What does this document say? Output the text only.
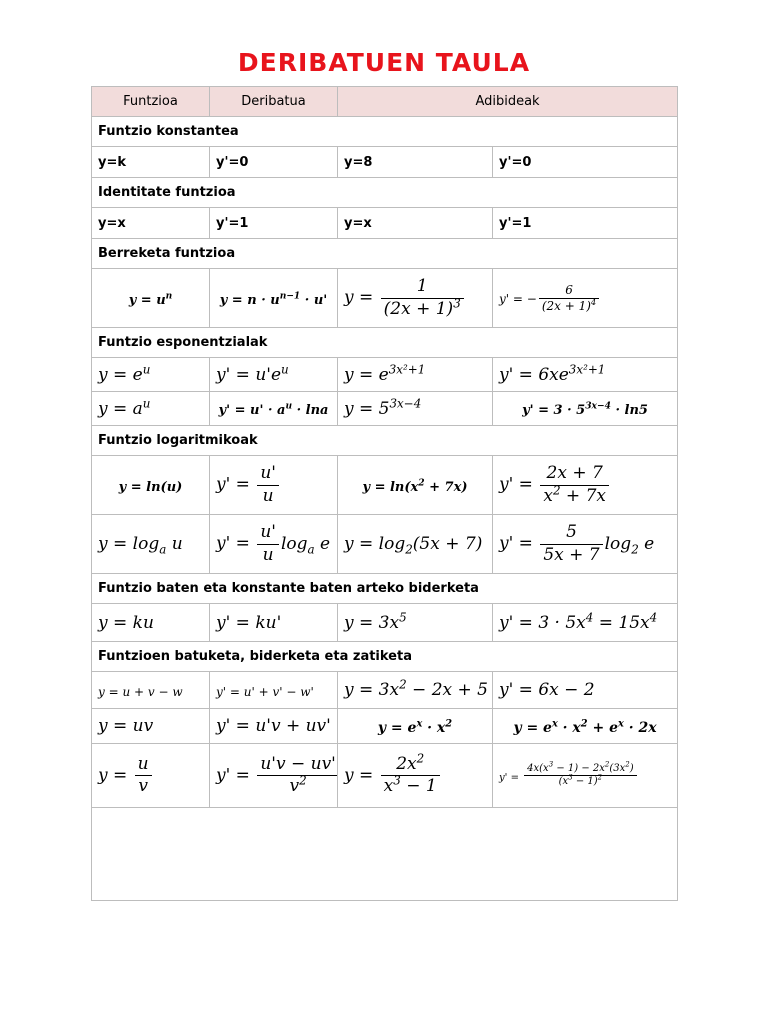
DERIBATUEN TAULA
Funtzioa	Deribatua	Adibideak	
Funtzio konstantea			
y=k	y'=0	y=8	y'=0
Identitate funtzioa			
y=x	y'=1	y=x	y'=1
Berreketa funtzioa			
$y = u^n$	$y = n \cdot u^{n-1} \cdot u'$	$y = \frac{1}{(2x + 1)^3}$	y' = − $\frac{6}{(2x + 1)^4}$

Funtzio esponentzialak			
$y = e^u$	$y' = u'e^u$	$y = e^{3x^2+1}$	$y' = 6xe^{3x^2+1}$
$y = a^u$	$y' = u' \cdot a^u \cdot \ln a$	$y = 5^{3x-4}$	$y' = 3 \cdot 5^{3x-4} \cdot \ln 5$
Funtzio logaritmikoak			
y = ln(u)	$y' = \frac{u'}{u}$	$y = \ln(x^2 + 7x)$	$y' = \frac{2x + 7}{x^2 + 7x}$

$y = \log_a u$	$y' = \frac{u'}{u} \log_a e$	$y = \log_2(5x + 7)$	$y' = \frac{5}{5x + 7} \log_2 e$
Funtzio baten eta konstante baten arteko biderketa			
y = ku	y' = ku'	$y = 3x^5$	$y' = 3 \cdot 5x^4 = 15x^4$
Funtzioen batuketa, biderketa eta zatiketa			
y = u + v − w	y' = u' + v' − w'	$y = 3x^2 - 2x + 5$	y' = 6x − 2
y = uv	y' = u'v + uv'	$y = e^x \cdot x^2$	$y = e^x \cdot x^2 + e^x \cdot 2x$
$y = \frac{u}{v}$	$y' = \frac{u'v - uv'}{v^2}$	$y = \frac{2x^2}{x^3 - 1}$	$y' = \frac{4x(x^3 - 1) - 2x^2(3x^2)}{(x^3 - 1)^2}$
